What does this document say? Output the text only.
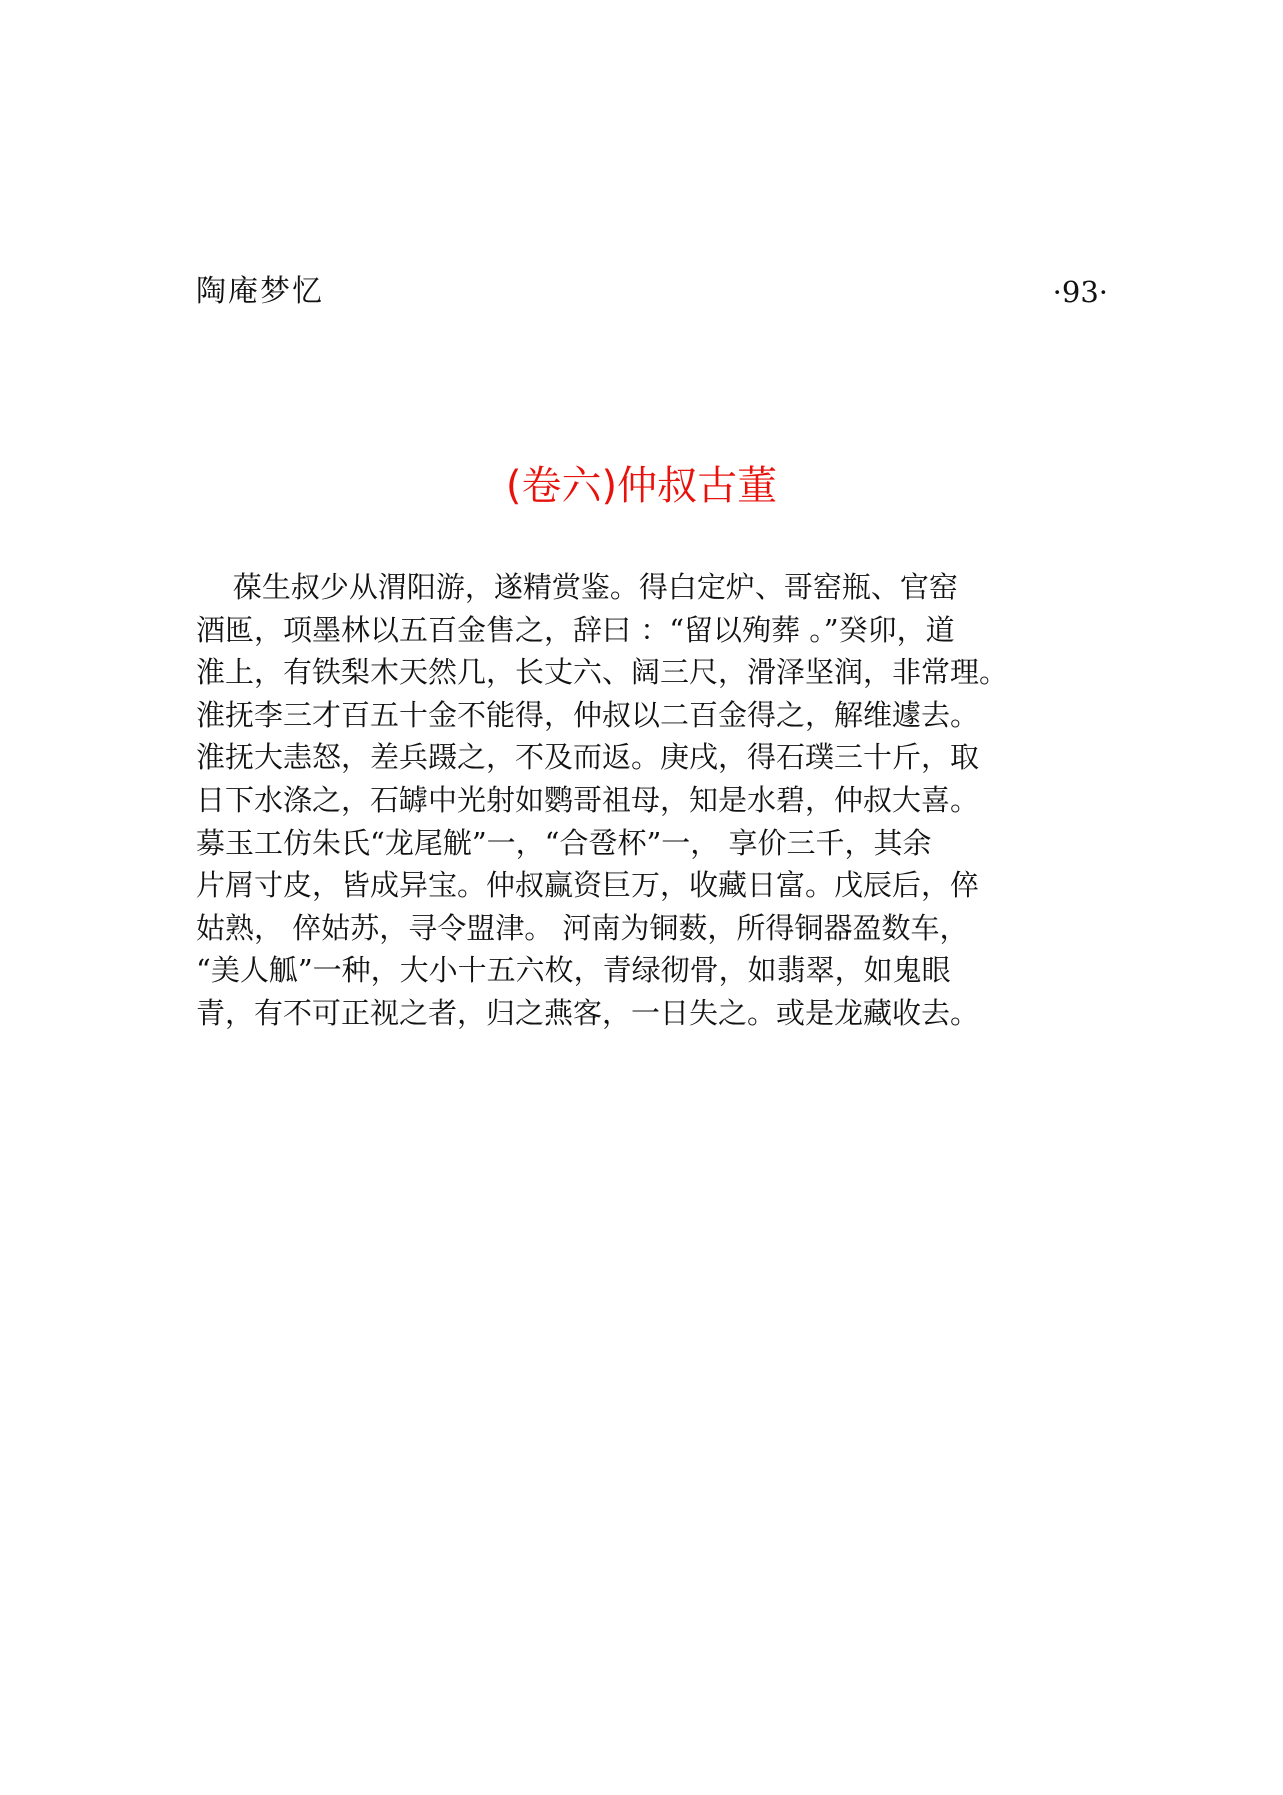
陶庵梦忆	·93·
(卷六)仲叔古董

葆生叔少从渭阳游，遂精赏鉴。得白定炉、哥窑瓶、官窑
酒匜，项墨林以五百金售之，辞曰 ：“留以殉葬 。”癸卯，道
淮上，有铁梨木天然几，长丈六、阔三尺，滑泽坚润，非常理。
淮抚李三才百五十金不能得，仲叔以二百金得之，解维遽去。
淮抚大恚怒，差兵蹑之，不及而返。庚戌，得石璞三十斤，取
日下水涤之，石罅中光射如鹦哥祖母，知是水碧，仲叔大喜。
募玉工仿朱氏“龙尾觥”一，“合卺杯”一， 享价三千，其余
片屑寸皮，皆成异宝。仲叔赢资巨万，收藏日富。戊辰后，倅
姑熟， 倅姑苏，寻令盟津。 河南为铜薮，所得铜器盈数车，
“美人觚”一种，大小十五六枚，青绿彻骨，如翡翠，如鬼眼
青，有不可正视之者，归之燕客，一日失之。或是龙藏收去。
